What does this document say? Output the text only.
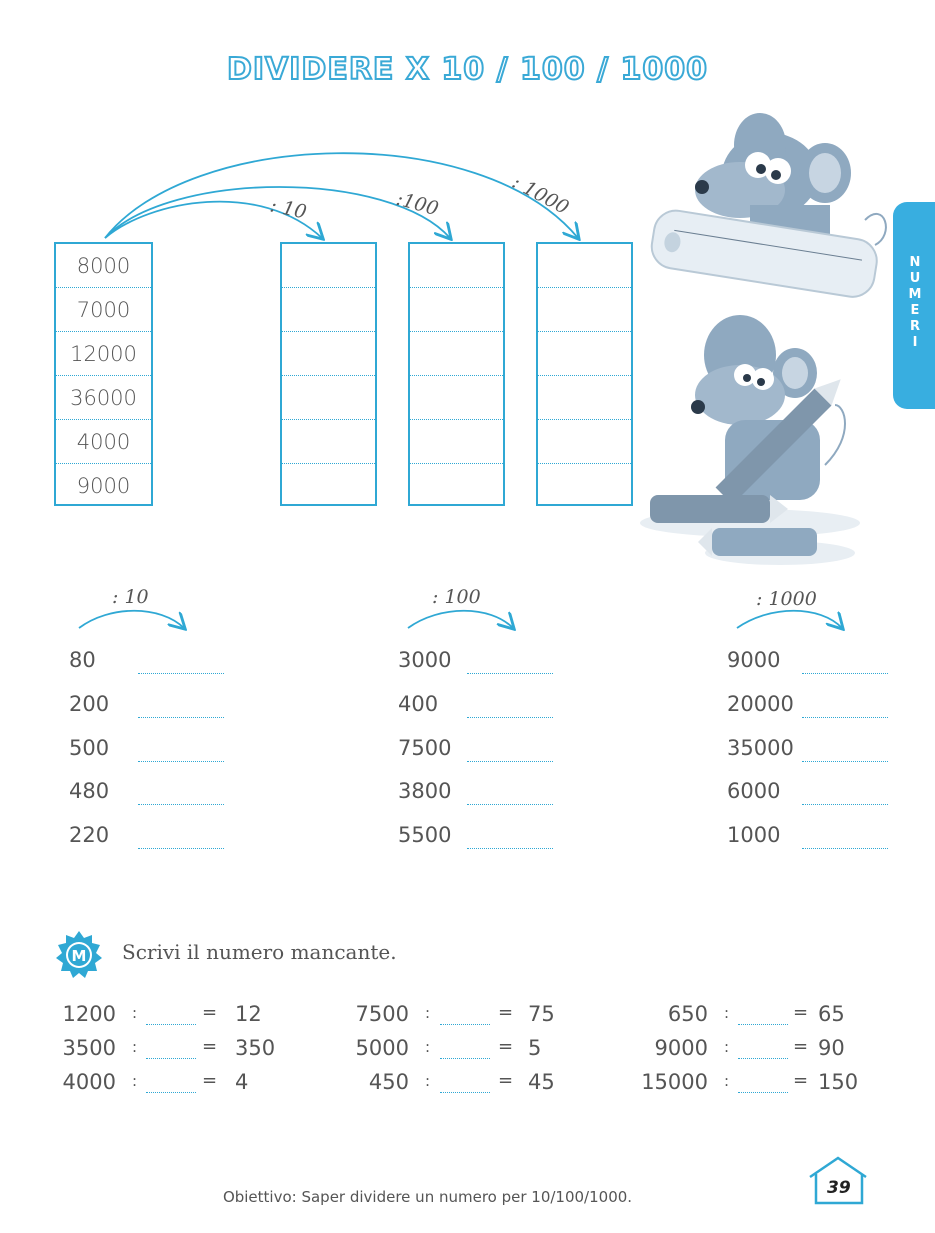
DIVIDERE X 10 / 100 / 1000
N
U
M
E
R
I
: 10	:100	: 1000
8000
7000
12000
36000
4000
9000
: 10	: 100	: 1000
80
200
500
480
220
3000
400
7500
3800
5500
9000
20000
35000
6000
1000
M Scrivi il numero mancante.
1200 :	= 12
3500 :	= 350
4000 :	= 4
7500 :	= 75
5000 :	= 5
450 :	= 45
650 :	= 65
9000 :	= 90
15000 :	= 150
Obiettivo: Saper dividere un numero per 10/100/1000.	39
